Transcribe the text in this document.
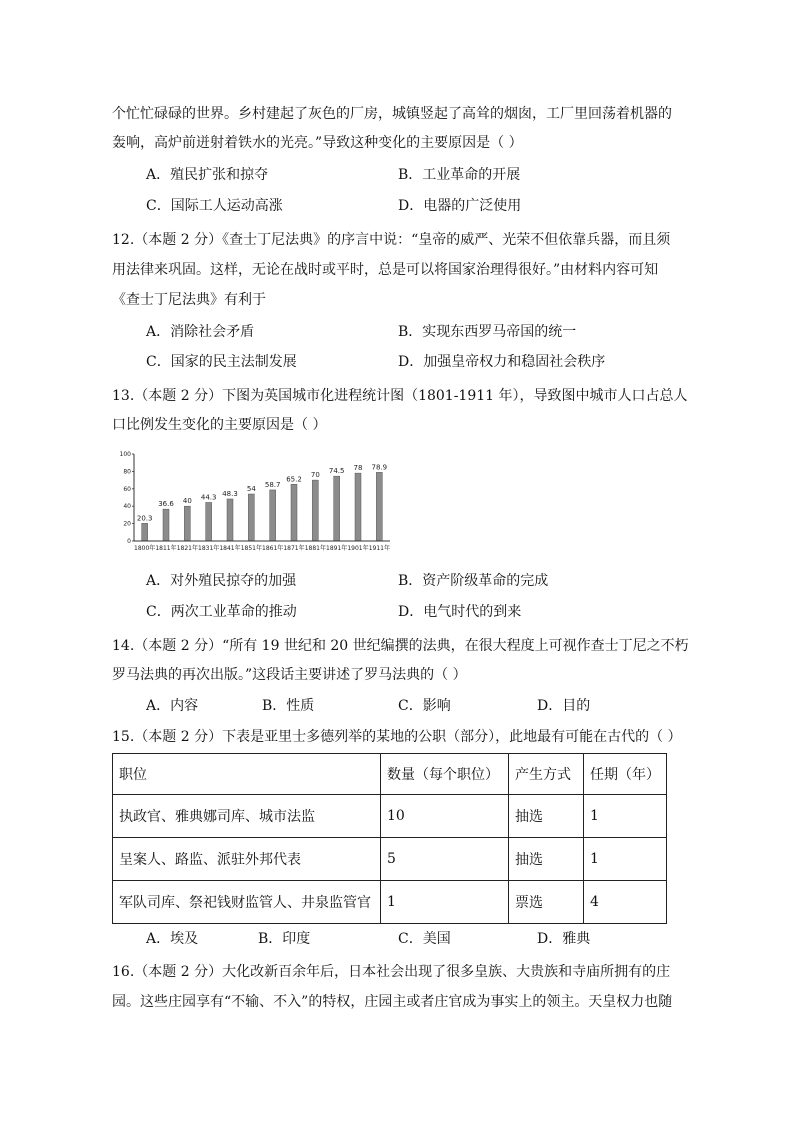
个忙忙碌碌的世界。乡村建起了灰色的厂房，城镇竖起了高耸的烟囱，工厂里回荡着机器的
轰响，高炉前迸射着铁水的光亮。”导致这种变化的主要原因是（ ）
A．殖民扩张和掠夺	B．工业革命的开展
C．国际工人运动高涨	D．电器的广泛使用
12.（本题 2 分）《查士丁尼法典》的序言中说：“皇帝的威严、光荣不但依靠兵器，而且须
用法律来巩固。这样，无论在战时或平时，总是可以将国家治理得很好。”由材料内容可知
《查士丁尼法典》有利于
A．消除社会矛盾	B．实现东西罗马帝国的统一
C．国家的民主法制发展	D．加强皇帝权力和稳固社会秩序
13.（本题 2 分）下图为英国城市化进程统计图（1801-1911 年），导致图中城市人口占总人
口比例发生变化的主要原因是（ ）
100
80
60
40
20
0
20.3
36.6 40 44.3 48.3
54
58.7
65.2
70 74.5 78 78.9
1800年 1811年 1821年 1831年 1841年 1851年 1861年 1871年 1881年 1891年 1901年 1911年
A．对外殖民掠夺的加强	B．资产阶级革命的完成
C．两次工业革命的推动	D．电气时代的到来
14.（本题 2 分）“所有 19 世纪和 20 世纪编撰的法典，在很大程度上可视作查士丁尼之不朽
罗马法典的再次出版。”这段话主要讲述了罗马法典的（ ）
A．内容	B．性质	C．影响	D．目的
15.（本题 2 分）下表是亚里士多德列举的某地的公职（部分），此地最有可能在古代的（ ）
职位	数量（每个职位）	产生方式	任期（年）
执政官、雅典娜司库、城市法监	10	抽选	1
呈案人、路监、派驻外邦代表	5	抽选	1
军队司库、祭祀钱财监管人、井泉监管官	1	票选	4
A．埃及	B．印度	C．美国	D．雅典
16.（本题 2 分）大化改新百余年后，日本社会出现了很多皇族、大贵族和寺庙所拥有的庄
园。这些庄园享有“不输、不入”的特权，庄园主或者庄官成为事实上的领主。天皇权力也随
